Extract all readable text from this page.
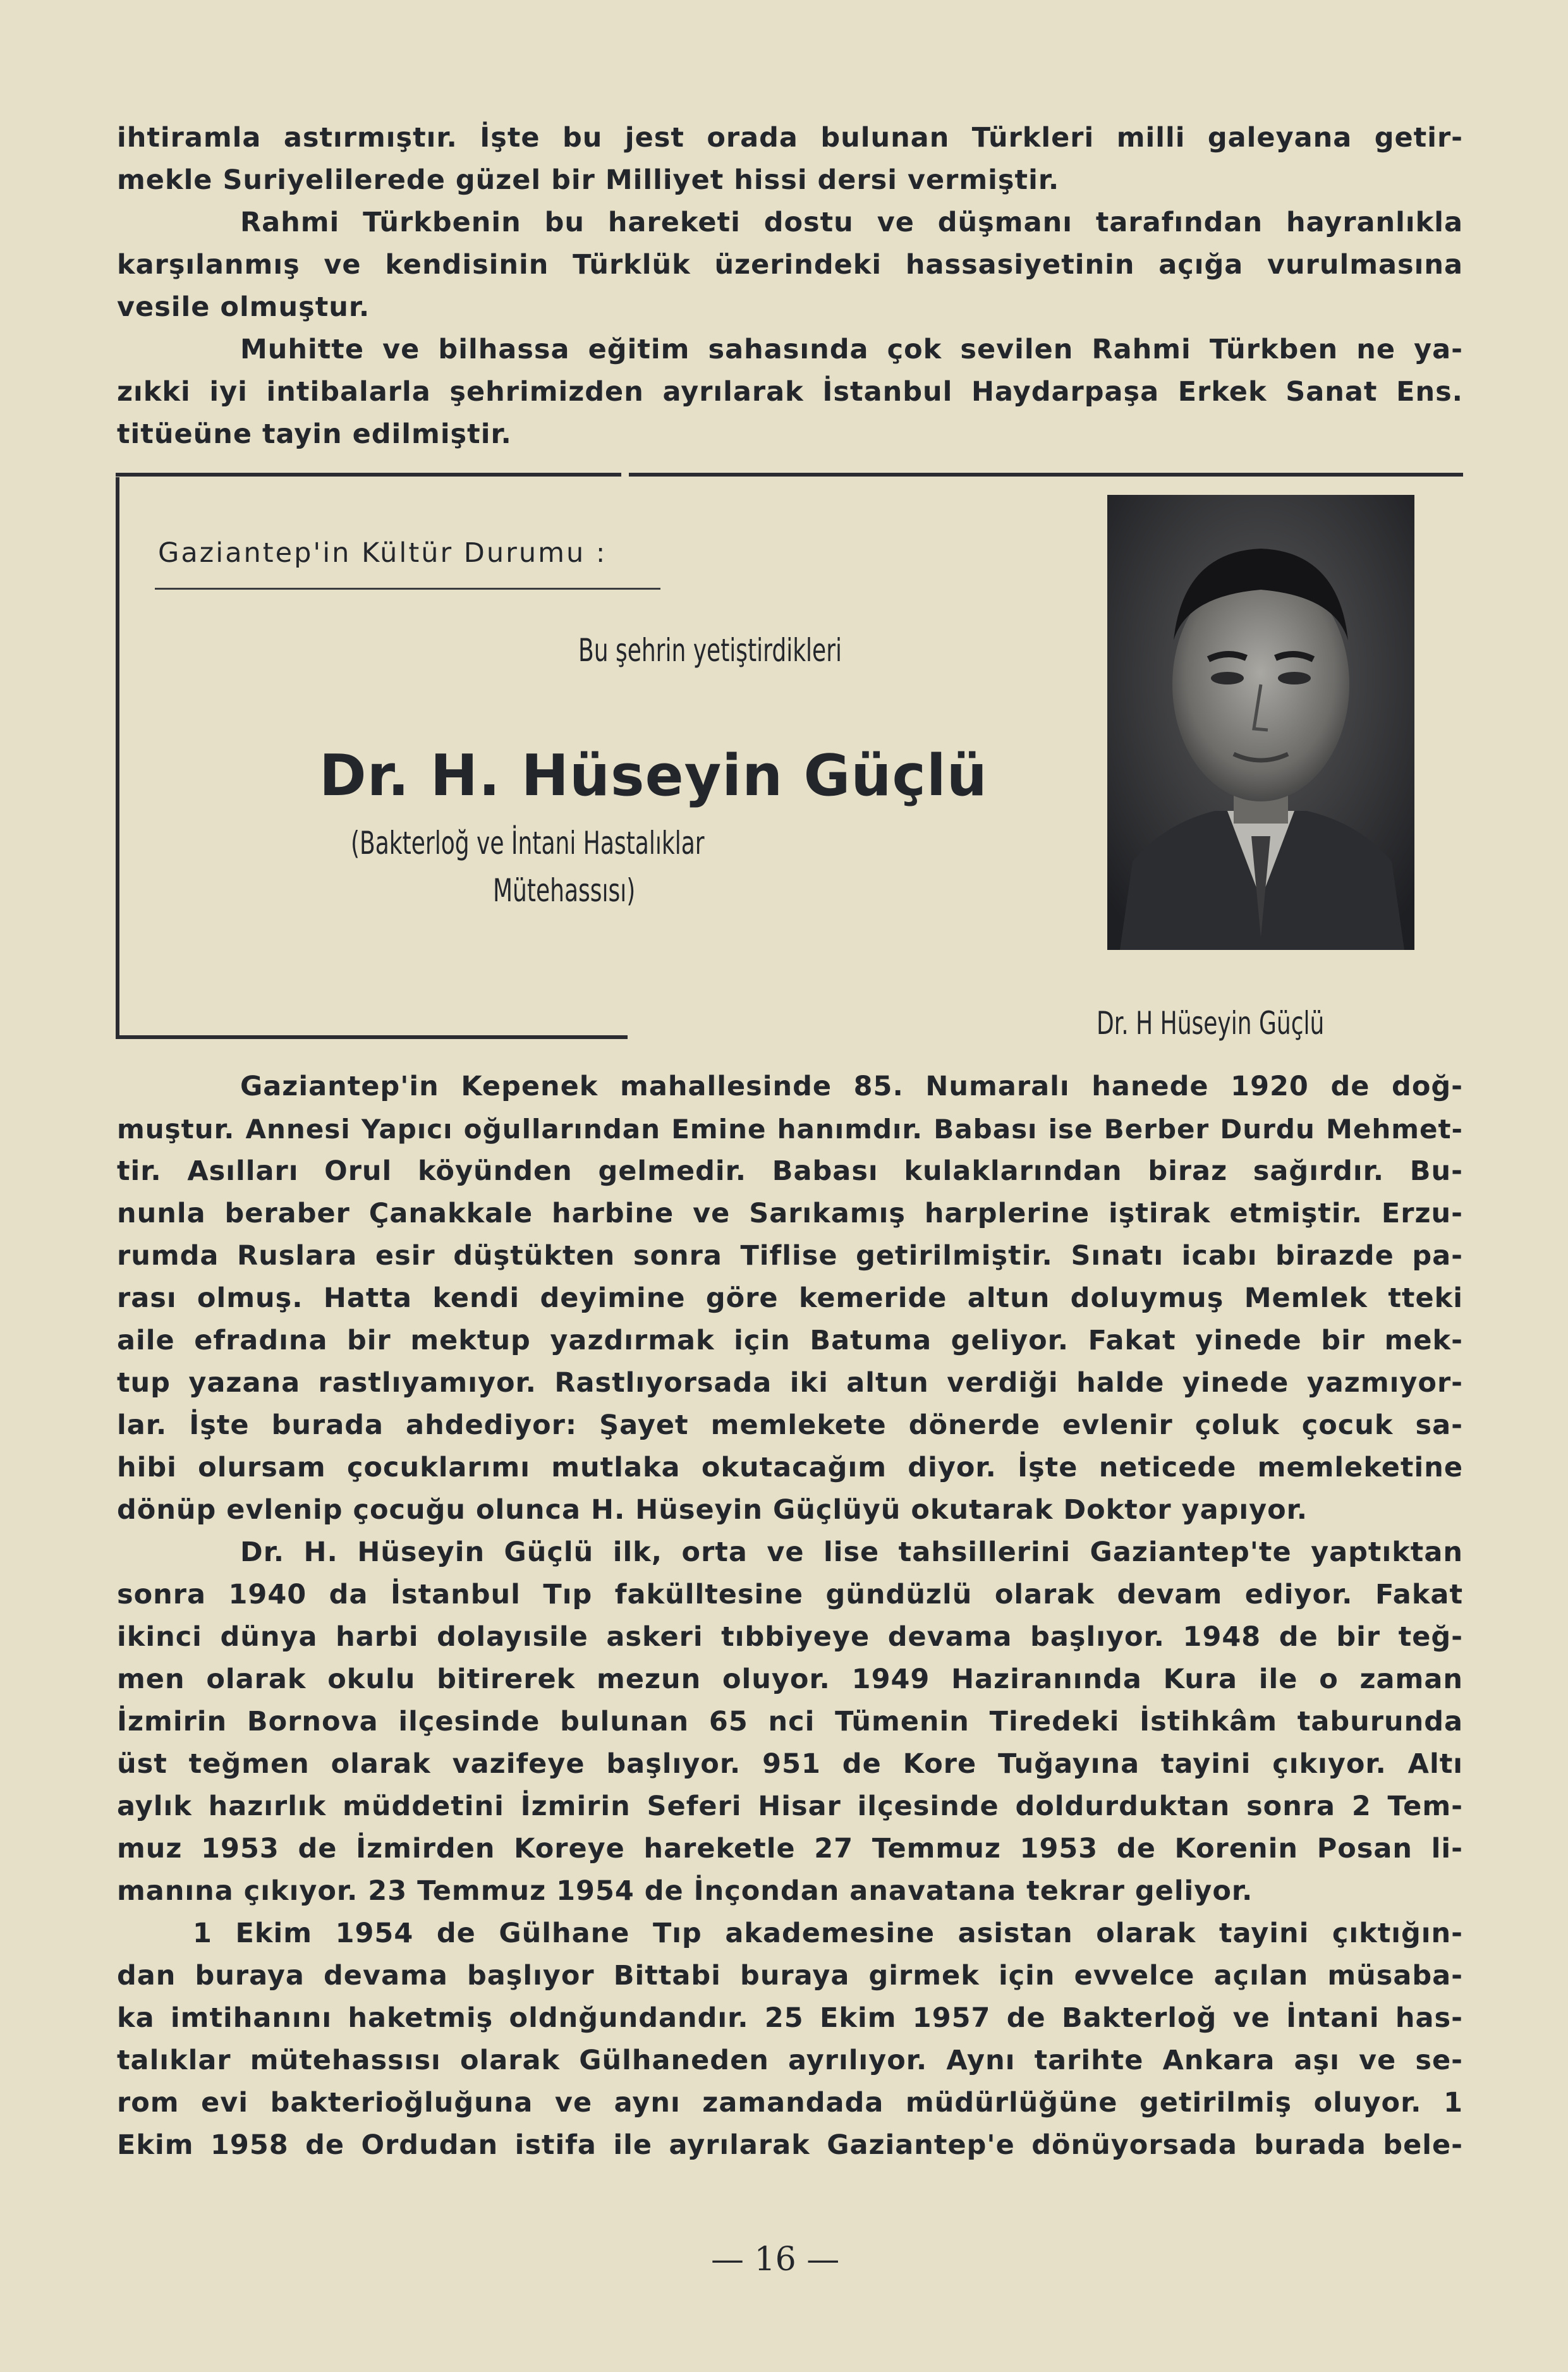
ihtiramla astırmıştır. İşte bu jest orada bulunan Türkleri milli galeyana getir-
mekle Suriyelilerede güzel bir Milliyet hissi dersi vermiştir.
Rahmi Türkbenin bu hareketi dostu ve düşmanı tarafından hayranlıkla
karşılanmış ve kendisinin Türklük üzerindeki hassasiyetinin açığa vurulmasına
vesile olmuştur.
Muhitte ve bilhassa eğitim sahasında çok sevilen Rahmi Türkben ne ya-
zıkki iyi intibalarla şehrimizden ayrılarak İstanbul Haydarpaşa Erkek Sanat Ens.
titüeüne tayin edilmiştir.
Gaziantep'in Kültür Durumu :
Bu şehrin yetiştirdikleri
Dr. H. Hüseyin Güçlü
(Bakterloğ ve İntani Hastalıklar
Mütehassısı)
Dr. H Hüseyin Güçlü
Gaziantep'in Kepenek mahallesinde 85. Numaralı hanede 1920 de doğ-
muştur. Annesi Yapıcı oğullarından Emine hanımdır. Babası ise Berber Durdu Mehmet-
tir. Asılları Orul köyünden gelmedir. Babası kulaklarından biraz sağırdır. Bu-
nunla beraber Çanakkale harbine ve Sarıkamış harplerine iştirak etmiştir. Erzu-
rumda Ruslara esir düştükten sonra Tiflise getirilmiştir. Sınatı icabı birazde pa-
rası olmuş. Hatta kendi deyimine göre kemeride altun doluymuş Memlek tteki
aile efradına bir mektup yazdırmak için Batuma geliyor. Fakat yinede bir mek-
tup yazana rastlıyamıyor. Rastlıyorsada iki altun verdiği halde yinede yazmıyor-
lar. İşte burada ahdediyor: Şayet memlekete dönerde evlenir çoluk çocuk sa-
hibi olursam çocuklarımı mutlaka okutacağım diyor. İşte neticede memleketine
dönüp evlenip çocuğu olunca H. Hüseyin Güçlüyü okutarak Doktor yapıyor.
Dr. H. Hüseyin Güçlü ilk, orta ve lise tahsillerini Gaziantep'te yaptıktan
sonra 1940 da İstanbul Tıp fakülltesine gündüzlü olarak devam ediyor. Fakat
ikinci dünya harbi dolayısile askeri tıbbiyeye devama başlıyor. 1948 de bir teğ-
men olarak okulu bitirerek mezun oluyor. 1949 Haziranında Kura ile o zaman
İzmirin Bornova ilçesinde bulunan 65 nci Tümenin Tiredeki İstihkâm taburunda
üst teğmen olarak vazifeye başlıyor. 951 de Kore Tuğayına tayini çıkıyor. Altı
aylık hazırlık müddetini İzmirin Seferi Hisar ilçesinde doldurduktan sonra 2 Tem-
muz 1953 de İzmirden Koreye hareketle 27 Temmuz 1953 de Korenin Posan li-
manına çıkıyor. 23 Temmuz 1954 de İnçondan anavatana tekrar geliyor.
1 Ekim 1954 de Gülhane Tıp akademesine asistan olarak tayini çıktığın-
dan buraya devama başlıyor Bittabi buraya girmek için evvelce açılan müsaba-
ka imtihanını haketmiş oldnğundandır. 25 Ekim 1957 de Bakterloğ ve İntani has-
talıklar mütehassısı olarak Gülhaneden ayrılıyor. Aynı tarihte Ankara aşı ve se-
rom evi bakterioğluğuna ve aynı zamandada müdürlüğüne getirilmiş oluyor. 1
Ekim 1958 de Ordudan istifa ile ayrılarak Gaziantep'e dönüyorsada burada bele-
— 16 —
